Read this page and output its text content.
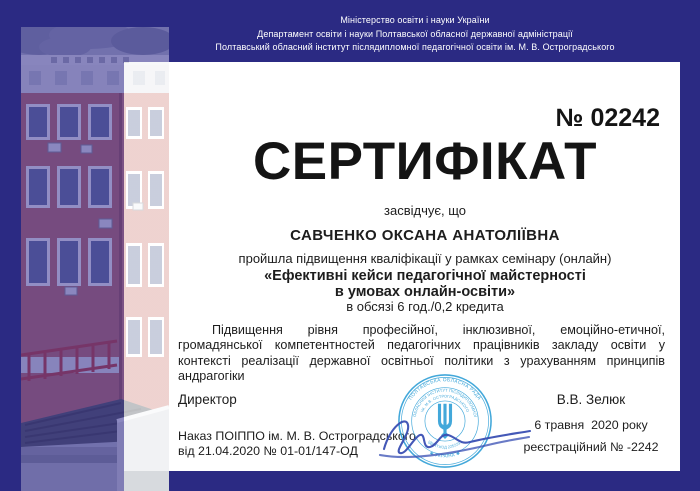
Міністерство освіти і науки України
Департамент освіти і науки Полтавської обласної державної адміністрації
Полтавський обласний інститут післядипломної педагогічної освіти ім. М. В. Остроградського
№ 02242
СЕРТИФІКАТ
засвідчує, що
САВЧЕНКО ОКСАНА АНАТОЛІЇВНА
пройшла підвищення кваліфікації у рамках семінару (онлайн)
«Ефективні кейси педагогічної майстерності
в умовах онлайн-освіти»
в обсязі 6 год./0,2 кредита
Підвищення рівня професійної, інклюзивної, емоційно-етичної, громадянської компетентностей педагогічних працівників закладу освіти у контексті реалізації державної освітньої політики з урахуванням принципів андрагогіки
Директор
Наказ ПОІППО ім. М. В. Остроградського
від 21.04.2020 № 01-01/147-ОД
В.В. Зелюк
6 травня  2020 року
реєстраційний № -2242
ПОЛТАВСЬКА ОБЛАСНА РАДА
✱ УКРАЇНА ✱
ОБЛАСНИЙ ІНСТИТУТ ПІСЛЯДИПЛОМНОЇ
ІМ. М.В. ОСТРОГРАДСЬКОГО
ІДЕНТ.КОД 2252231
